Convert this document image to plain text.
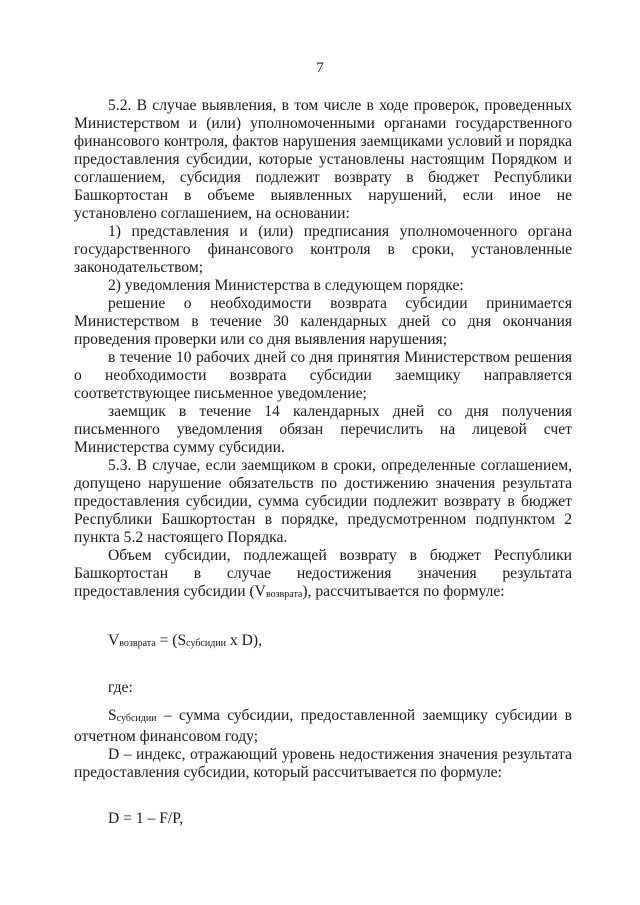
7

5.2. В случае выявления, в том числе в ходе проверок, проведенных Министерством и (или) уполномоченными органами государственного финансового контроля, фактов нарушения заемщиками условий и порядка предоставления субсидии, которые установлены настоящим Порядком и соглашением, субсидия подлежит возврату в бюджет Республики Башкортостан в объеме выявленных нарушений, если иное не установлено соглашением, на основании:

1) представления и (или) предписания уполномоченного органа государственного финансового контроля в сроки, установленные законодательством;

2) уведомления Министерства в следующем порядке:

решение о необходимости возврата субсидии принимается Министерством в течение 30 календарных дней со дня окончания проведения проверки или со дня выявления нарушения;

в течение 10 рабочих дней со дня принятия Министерством решения о необходимости возврата субсидии заемщику направляется соответствующее письменное уведомление;

заемщик в течение 14 календарных дней со дня получения письменного уведомления обязан перечислить на лицевой счет Министерства сумму субсидии.

5.3. В случае, если заемщиком в сроки, определенные соглашением, допущено нарушение обязательств по достижению значения результата предоставления субсидии, сумма субсидии подлежит возврату в бюджет Республики Башкортостан в порядке, предусмотренном подпунктом 2 пункта 5.2 настоящего Порядка.

Объем субсидии, подлежащей возврату в бюджет Республики Башкортостан в случае недостижения значения результата предоставления субсидии (Vвозврата), рассчитывается по формуле:

Vвозврата = (Sсубсидии x D),

где:

Sсубсидии – сумма субсидии, предоставленной заемщику субсидии в отчетном финансовом году;

D – индекс, отражающий уровень недостижения значения результата предоставления субсидии, который рассчитывается по формуле:

D = 1 – F/P,
